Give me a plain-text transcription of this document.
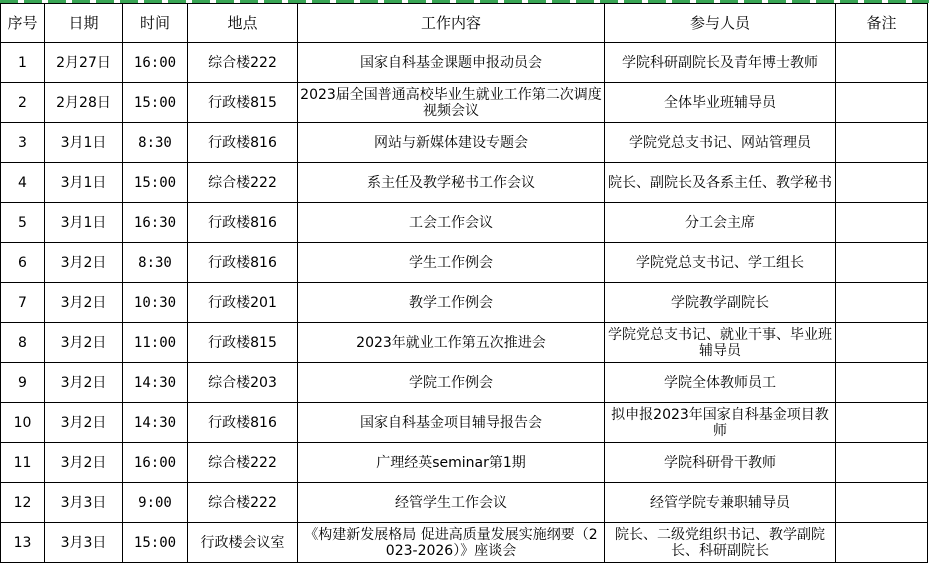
序号	日期	时间	地点	工作内容	参与人员	备注
1	2月27日	16:00	综合楼222	国家自科基金课题申报动员会	学院科研副院长及青年博士教师	
2	2月28日	15:00	行政楼815	2023届全国普通高校毕业生就业工作第二次调度视频会议	全体毕业班辅导员	
3	3月1日	8:30	行政楼816	网站与新媒体建设专题会	学院党总支书记、网站管理员	
4	3月1日	15:00	综合楼222	系主任及教学秘书工作会议	院长、副院长及各系主任、教学秘书	
5	3月1日	16:30	行政楼816	工会工作会议	分工会主席	
6	3月2日	8:30	行政楼816	学生工作例会	学院党总支书记、学工组长	
7	3月2日	10:30	行政楼201	教学工作例会	学院教学副院长	
8	3月2日	11:00	行政楼815	2023年就业工作第五次推进会	学院党总支书记、就业干事、毕业班辅导员	
9	3月2日	14:30	综合楼203	学院工作例会	学院全体教师员工	
10	3月2日	14:30	行政楼816	国家自科基金项目辅导报告会	拟申报2023年国家自科基金项目教师	
11	3月2日	16:00	综合楼222	广理经英seminar第1期	学院科研骨干教师	
12	3月3日	9:00	综合楼222	经管学生工作会议	经管学院专兼职辅导员	
13	3月3日	15:00	行政楼会议室	《构建新发展格局 促进高质量发展实施纲要（2023-2026）》座谈会	院长、二级党组织书记、教学副院长、科研副院长	
